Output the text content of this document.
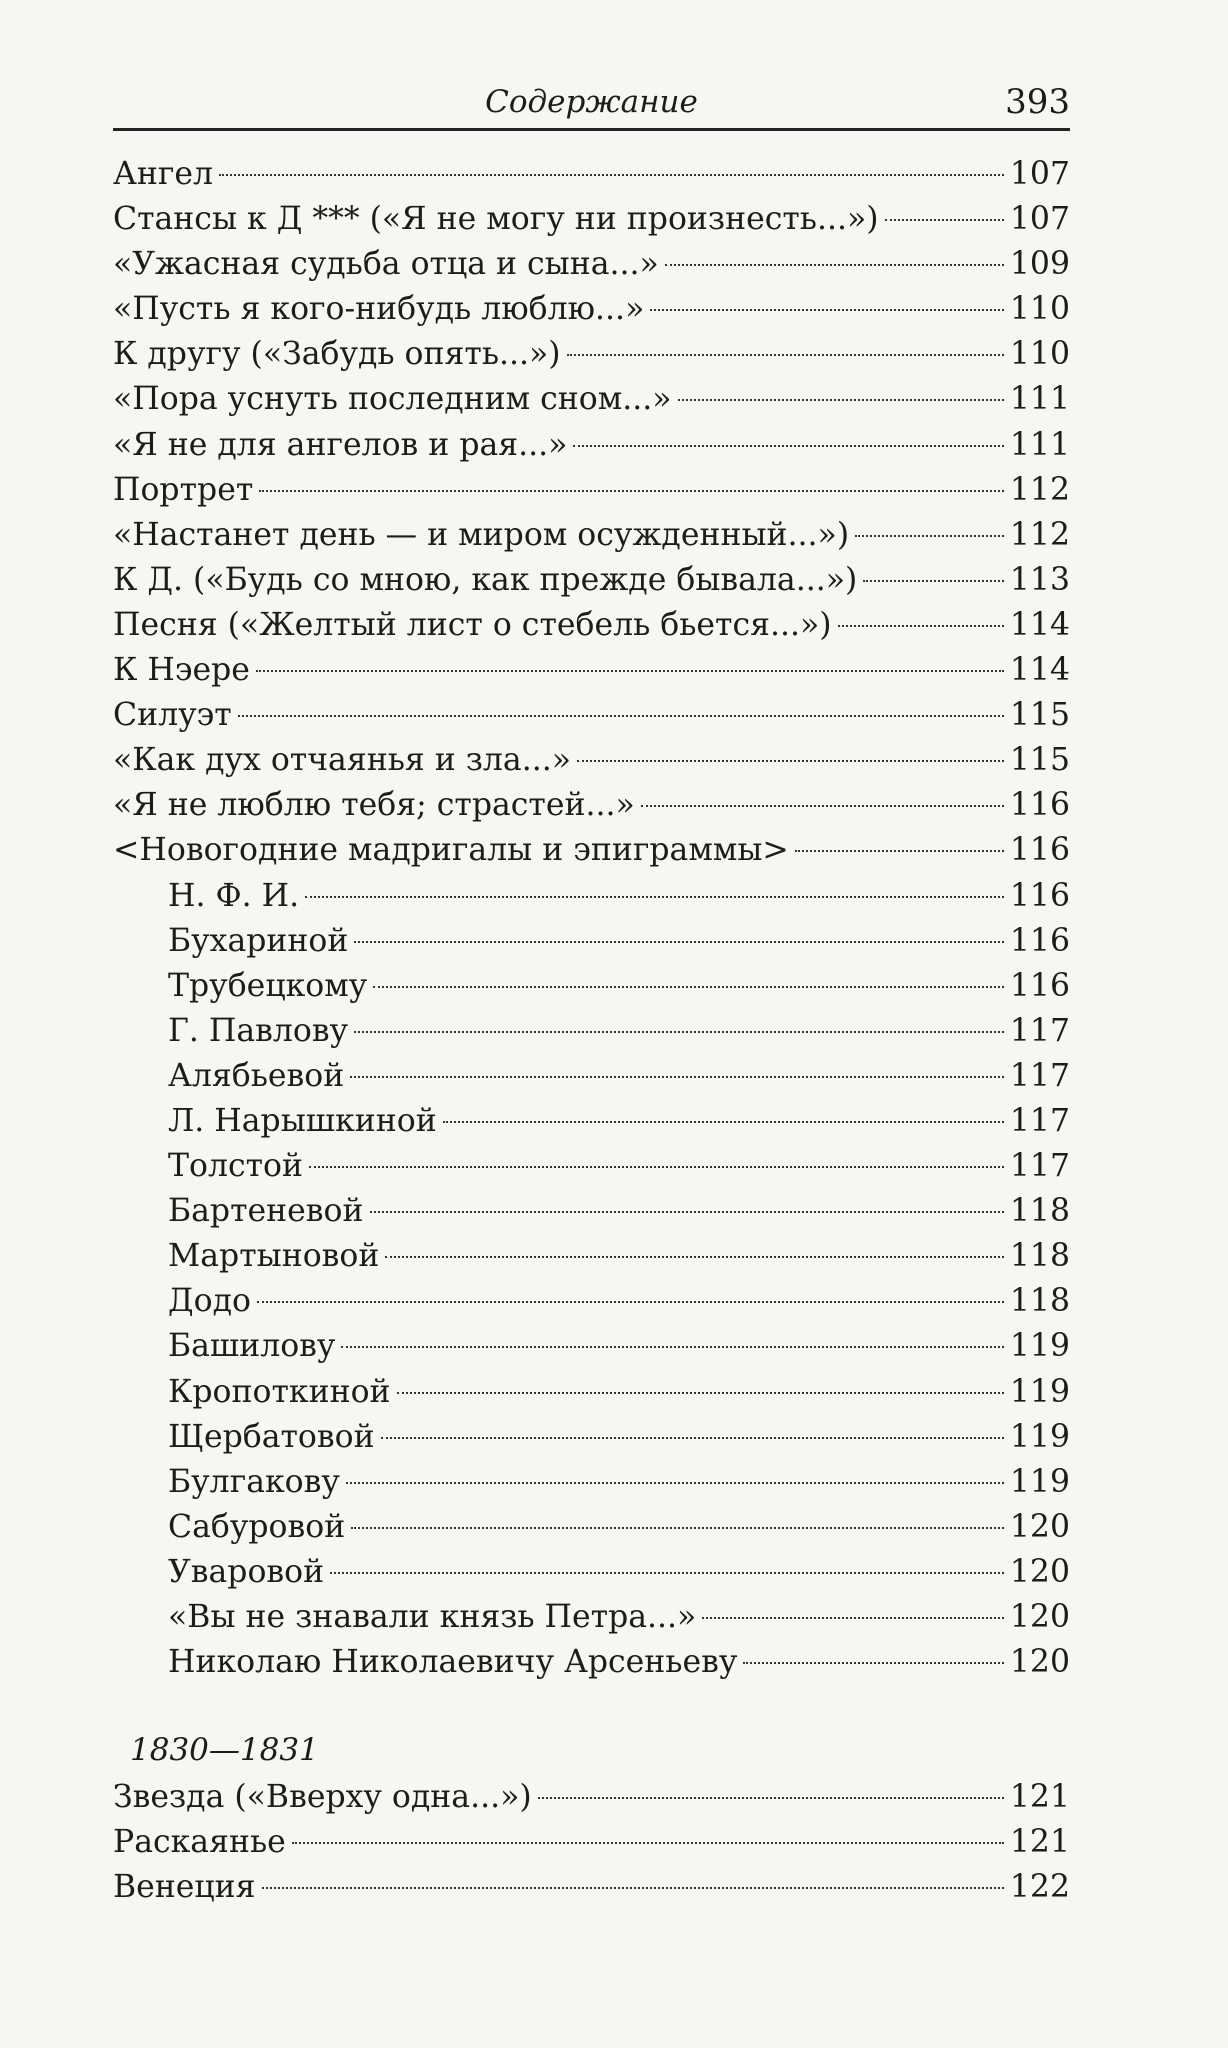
Содержание	393
Ангел	107
Стансы к Д *** («Я не могу ни произнесть...»)	107
«Ужасная судьба отца и сына...»	109
«Пусть я кого-нибудь люблю...»	110
К другу («Забудь опять...»)	110
«Пора уснуть последним сном...»	111
«Я не для ангелов и рая...»	111
Портрет	112
«Настанет день — и миром осужденный...»)	112
К Д. («Будь со мною, как прежде бывала...»)	113
Песня («Желтый лист о стебель бьется...»)	114
К Нэере	114
Силуэт	115
«Как дух отчаянья и зла...»	115
«Я не люблю тебя; страстей...»	116
<Новогодние мадригалы и эпиграммы>	116
Н. Ф. И.	116
Бухариной	116
Трубецкому	116
Г. Павлову	117
Алябьевой	117
Л. Нарышкиной	117
Толстой	117
Бартеневой	118
Мартыновой	118
Додо	118
Башилову	119
Кропоткиной	119
Щербатовой	119
Булгакову	119
Сабуровой	120
Уваровой	120
«Вы не знавали князь Петра...»	120
Николаю Николаевичу Арсеньеву	120
Звезда («Вверху одна...»)	121
Раскаянье	121
Венеция	122
1830—1831
